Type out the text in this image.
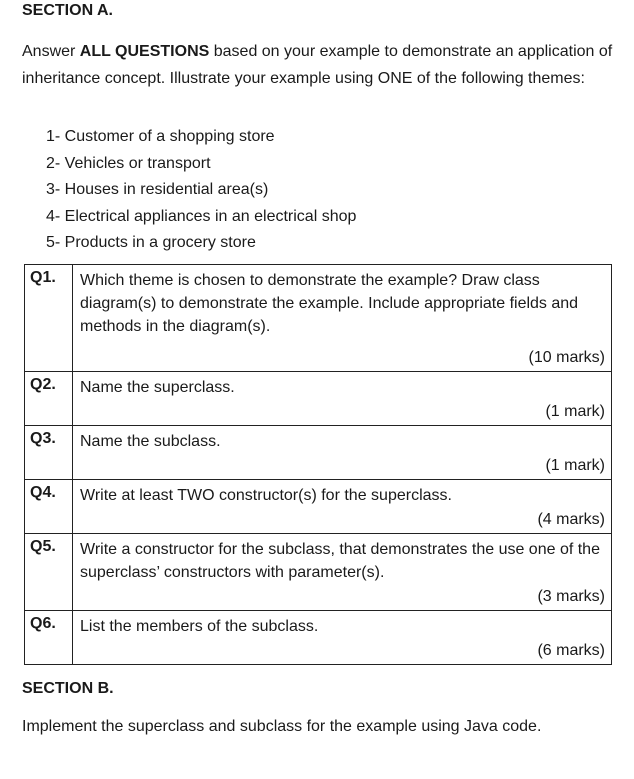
SECTION A.
Answer ALL QUESTIONS based on your example to demonstrate an application of inheritance concept. Illustrate your example using ONE of the following themes:
1- Customer of a shopping store
2- Vehicles or transport
3- Houses in residential area(s)
4- Electrical appliances in an electrical shop
5- Products in a grocery store
Q1.	Which theme is chosen to demonstrate the example? Draw class diagram(s) to demonstrate the example. Include appropriate fields and methods in the diagram(s).
(10 marks)

Q2.	Name the superclass.
(1 mark)

Q3.	Name the subclass.
(1 mark)

Q4.	Write at least TWO constructor(s) for the superclass.
(4 marks)

Q5.	Write a constructor for the subclass, that demonstrates the use one of the superclass’ constructors with parameter(s).
(3 marks)

Q6.	List the members of the subclass.
(6 marks)
SECTION B.
Implement the superclass and subclass for the example using Java code.
